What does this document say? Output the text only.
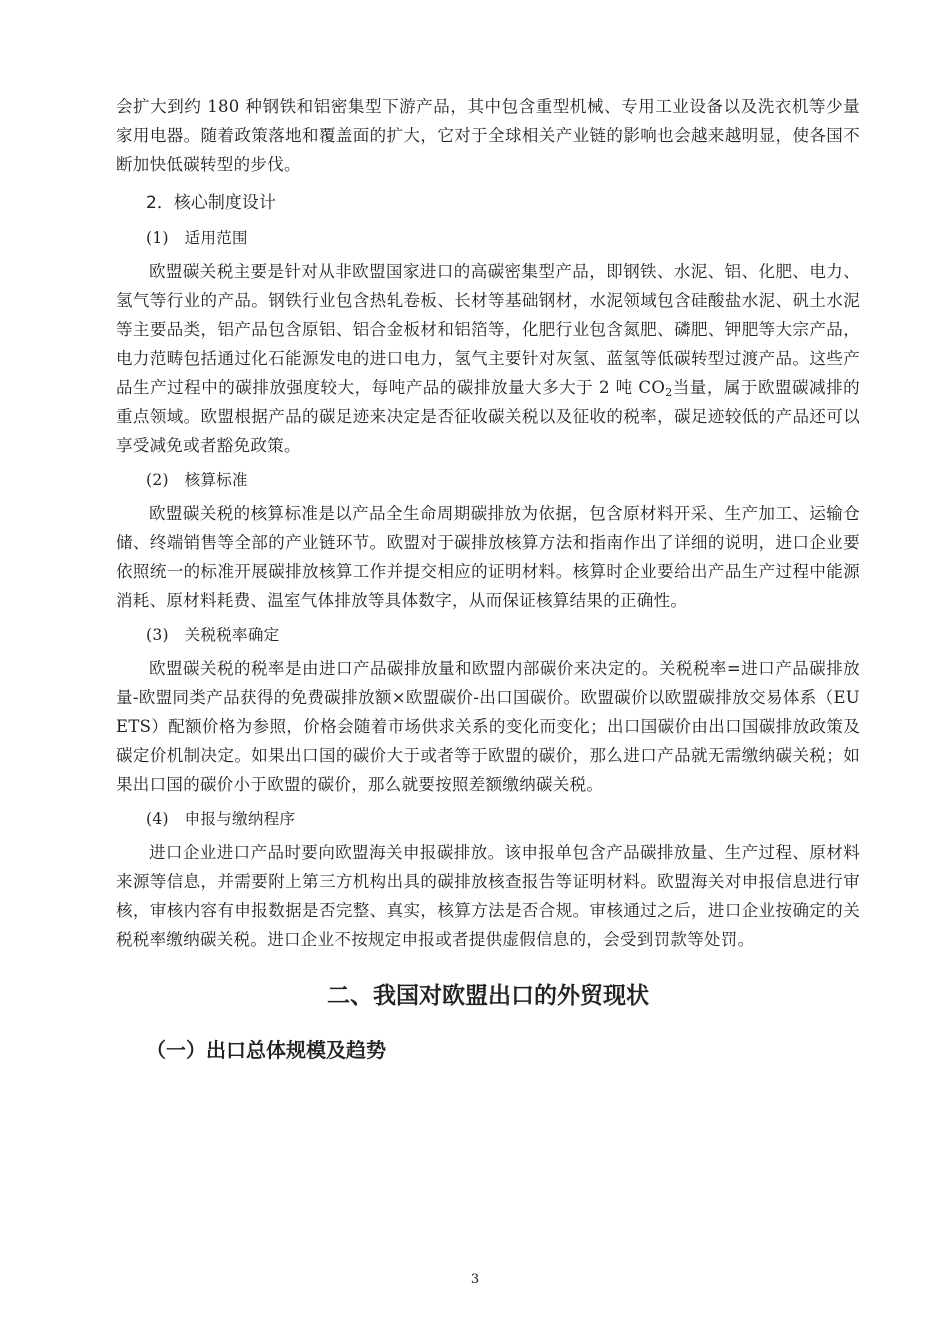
会扩大到约 180 种钢铁和铝密集型下游产品，其中包含重型机械、专用工业设备以及洗衣机等少量家用电器。随着政策落地和覆盖面的扩大，它对于全球相关产业链的影响也会越来越明显，使各国不断加快低碳转型的步伐。

2．核心制度设计

(1)　适用范围

欧盟碳关税主要是针对从非欧盟国家进口的高碳密集型产品，即钢铁、水泥、铝、化肥、电力、氢气等行业的产品。钢铁行业包含热轧卷板、长材等基础钢材，水泥领域包含硅酸盐水泥、矾土水泥等主要品类，铝产品包含原铝、铝合金板材和铝箔等，化肥行业包含氮肥、磷肥、钾肥等大宗产品，电力范畴包括通过化石能源发电的进口电力，氢气主要针对灰氢、蓝氢等低碳转型过渡产品。这些产品生产过程中的碳排放强度较大，每吨产品的碳排放量大多大于 2 吨 $CO_2$当量，属于欧盟碳减排的重点领域。欧盟根据产品的碳足迹来决定是否征收碳关税以及征收的税率，碳足迹较低的产品还可以享受减免或者豁免政策。

(2)　核算标准

欧盟碳关税的核算标准是以产品全生命周期碳排放为依据，包含原材料开采、生产加工、运输仓储、终端销售等全部的产业链环节。欧盟对于碳排放核算方法和指南作出了详细的说明，进口企业要依照统一的标准开展碳排放核算工作并提交相应的证明材料。核算时企业要给出产品生产过程中能源消耗、原材料耗费、温室气体排放等具体数字，从而保证核算结果的正确性。

(3)　关税税率确定

欧盟碳关税的税率是由进口产品碳排放量和欧盟内部碳价来决定的。关税税率=进口产品碳排放量-欧盟同类产品获得的免费碳排放额×欧盟碳价-出口国碳价。欧盟碳价以欧盟碳排放交易体系（EU ETS）配额价格为参照，价格会随着市场供求关系的变化而变化；出口国碳价由出口国碳排放政策及碳定价机制决定。如果出口国的碳价大于或者等于欧盟的碳价，那么进口产品就无需缴纳碳关税；如果出口国的碳价小于欧盟的碳价，那么就要按照差额缴纳碳关税。

(4)　申报与缴纳程序

进口企业进口产品时要向欧盟海关申报碳排放。该申报单包含产品碳排放量、生产过程、原材料来源等信息，并需要附上第三方机构出具的碳排放核查报告等证明材料。欧盟海关对申报信息进行审核，审核内容有申报数据是否完整、真实，核算方法是否合规。审核通过之后，进口企业按确定的关税税率缴纳碳关税。进口企业不按规定申报或者提供虚假信息的，会受到罚款等处罚。

二、我国对欧盟出口的外贸现状

（一）出口总体规模及趋势

3
